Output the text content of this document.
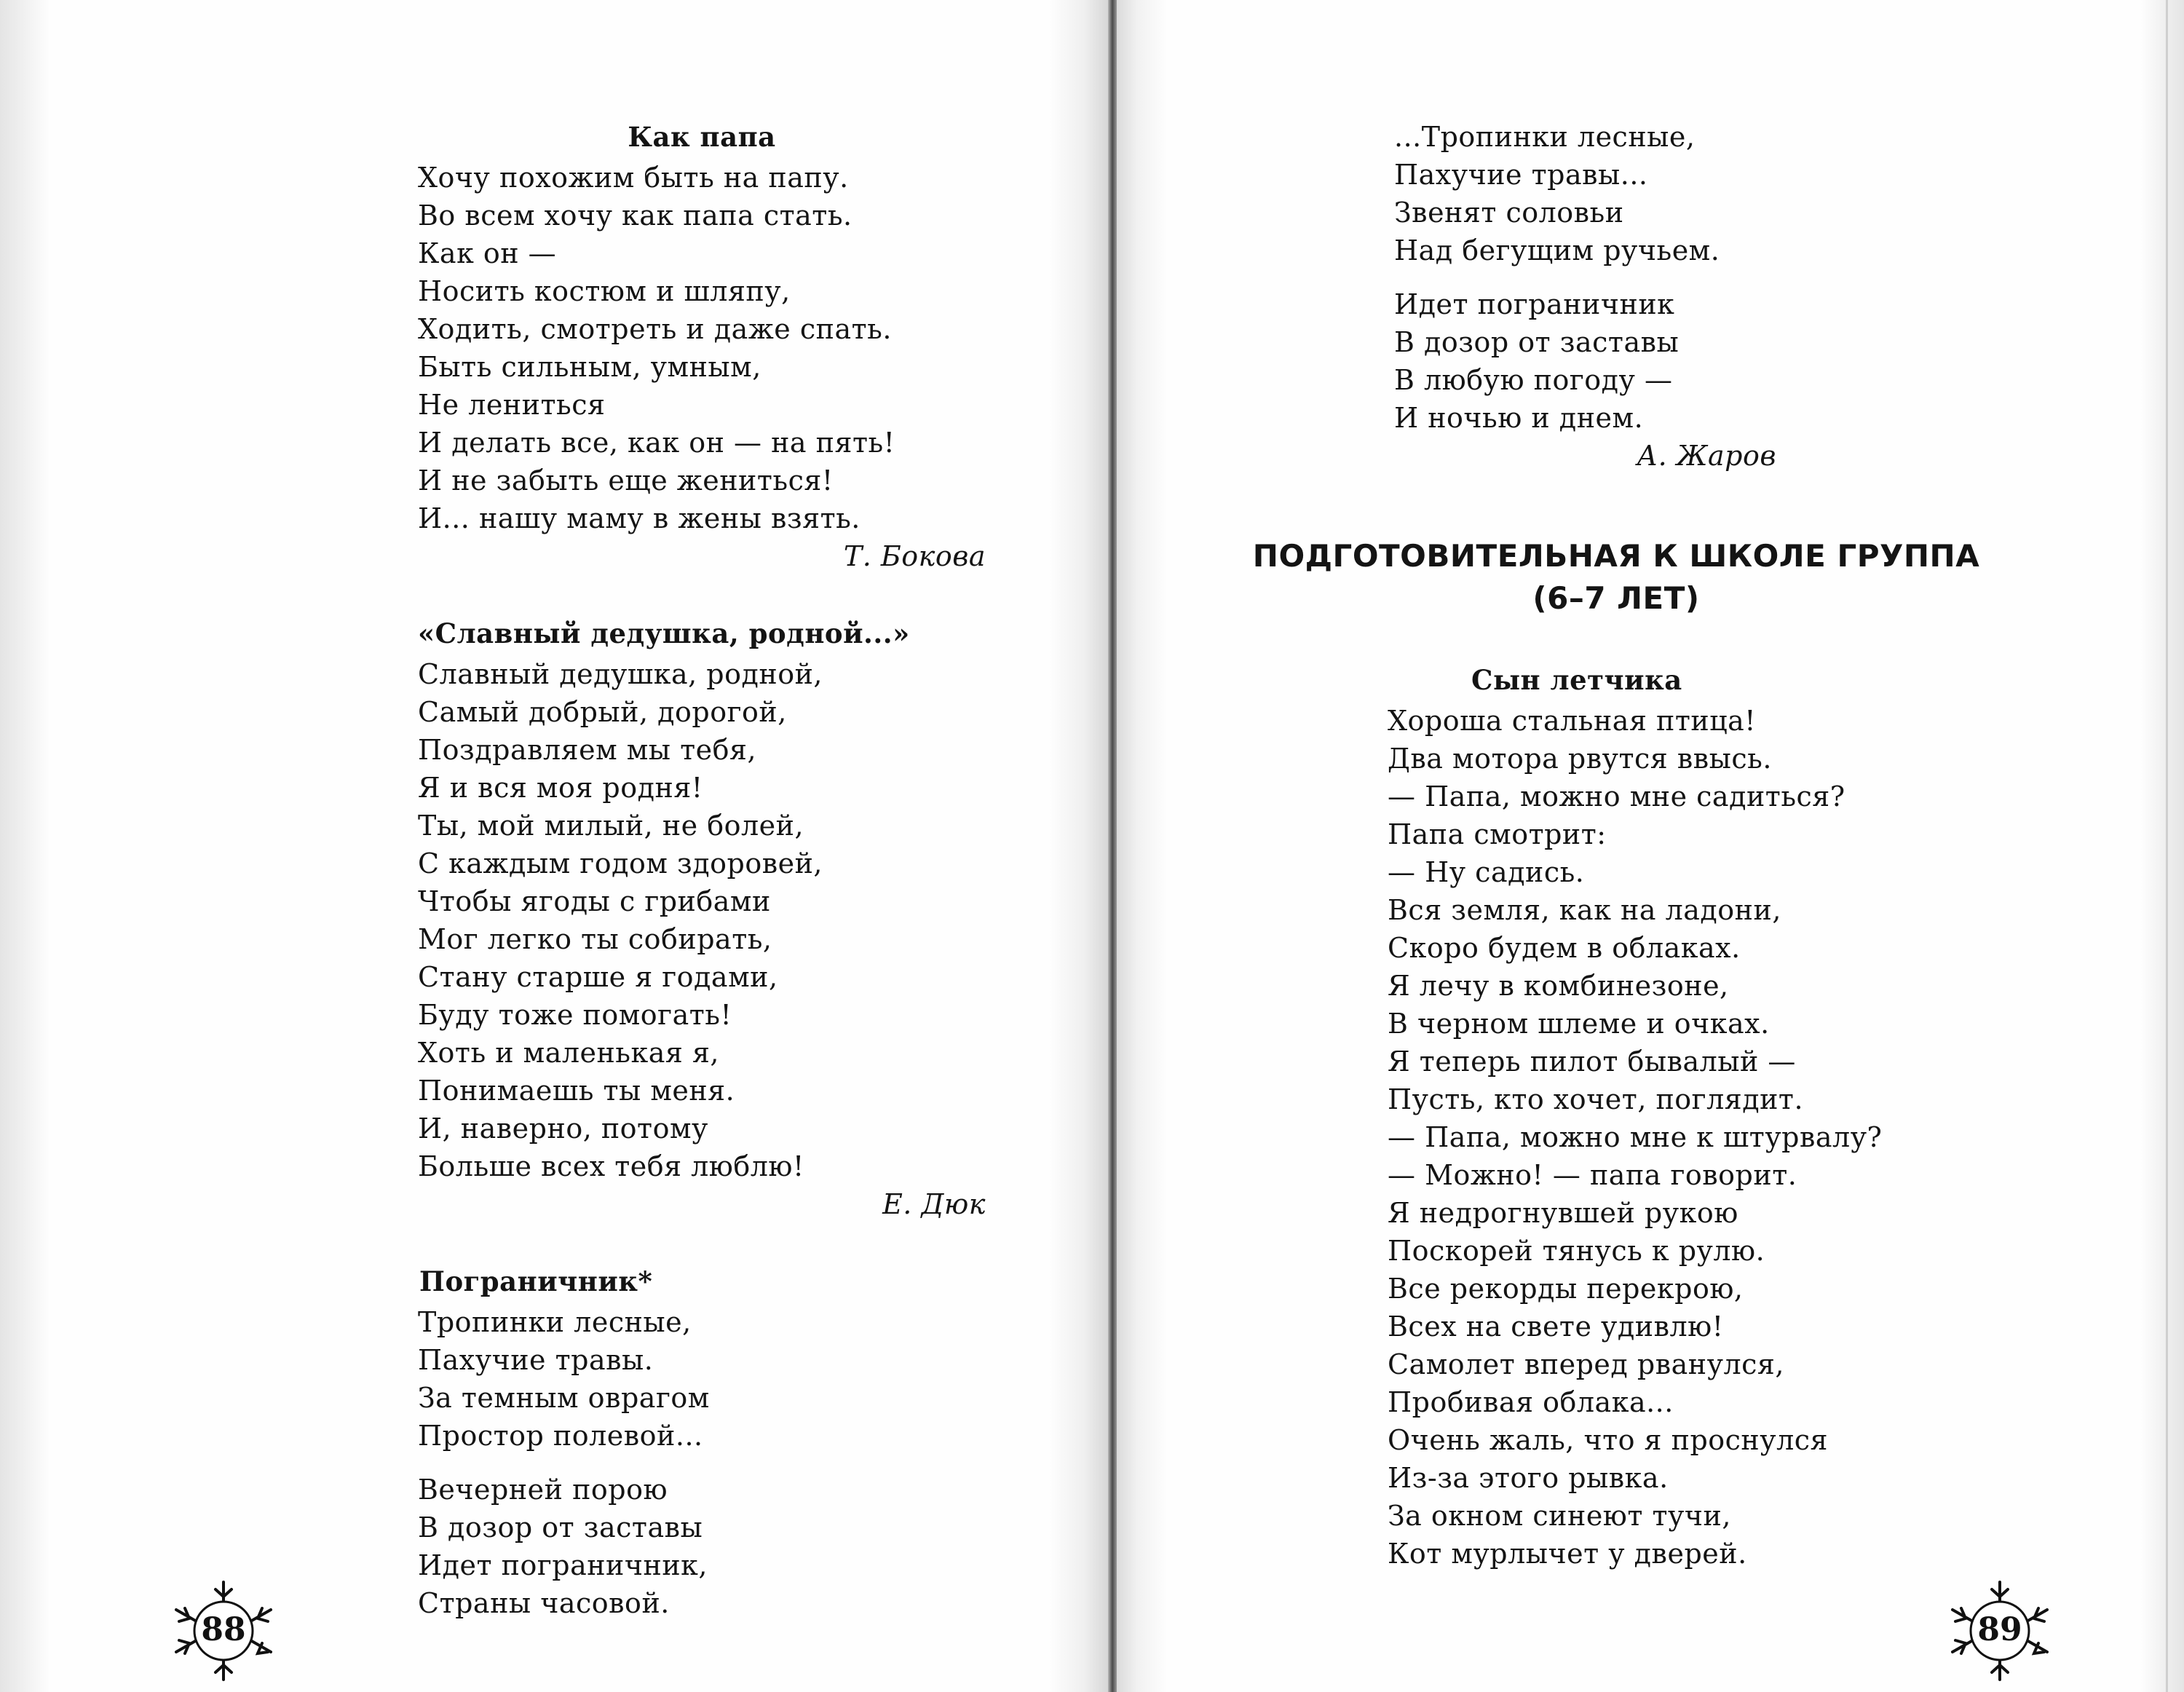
Как папа
Хочу похожим быть на папу.
Во всем хочу как папа стать.
Как он —
Носить костюм и шляпу,
Ходить, смотреть и даже спать.
Быть сильным, умным,
Не лениться
И делать все, как он — на пять!
И не забыть еще жениться!
И... нашу маму в жены взять.
Т. Бокова
«Славный дедушка, родной...»
Славный дедушка, родной,
Самый добрый, дорогой,
Поздравляем мы тебя,
Я и вся моя родня!
Ты, мой милый, не болей,
С каждым годом здоровей,
Чтобы ягоды с грибами
Мог легко ты собирать,
Стану старше я годами,
Буду тоже помогать!
Хоть и маленькая я,
Понимаешь ты меня.
И, наверно, потому
Больше всех тебя люблю!
Е. Дюк
Пограничник*
Тропинки лесные,
Пахучие травы.
За темным оврагом
Простор полевой...
Вечерней порою
В дозор от заставы
Идет пограничник,
Страны часовой.
...Тропинки лесные,
Пахучие травы...
Звенят соловьи
Над бегущим ручьем.
Идет пограничник
В дозор от заставы
В любую погоду —
И ночью и днем.
А. Жаров
ПОДГОТОВИТЕЛЬНАЯ К ШКОЛЕ ГРУППА
(6–7 ЛЕТ)
Сын летчика
Хороша стальная птица!
Два мотора рвутся ввысь.
— Папа, можно мне садиться?
Папа смотрит:
— Ну садись.
Вся земля, как на ладони,
Скоро будем в облаках.
Я лечу в комбинезоне,
В черном шлеме и очках.
Я теперь пилот бывалый —
Пусть, кто хочет, поглядит.
— Папа, можно мне к штурвалу?
— Можно! — папа говорит.
Я недрогнувшей рукою
Поскорей тянусь к рулю.
Все рекорды перекрою,
Всех на свете удивлю!
Самолет вперед рванулся,
Пробивая облака...
Очень жаль, что я проснулся
Из-за этого рывка.
За окном синеют тучи,
Кот мурлычет у дверей.
88	89
